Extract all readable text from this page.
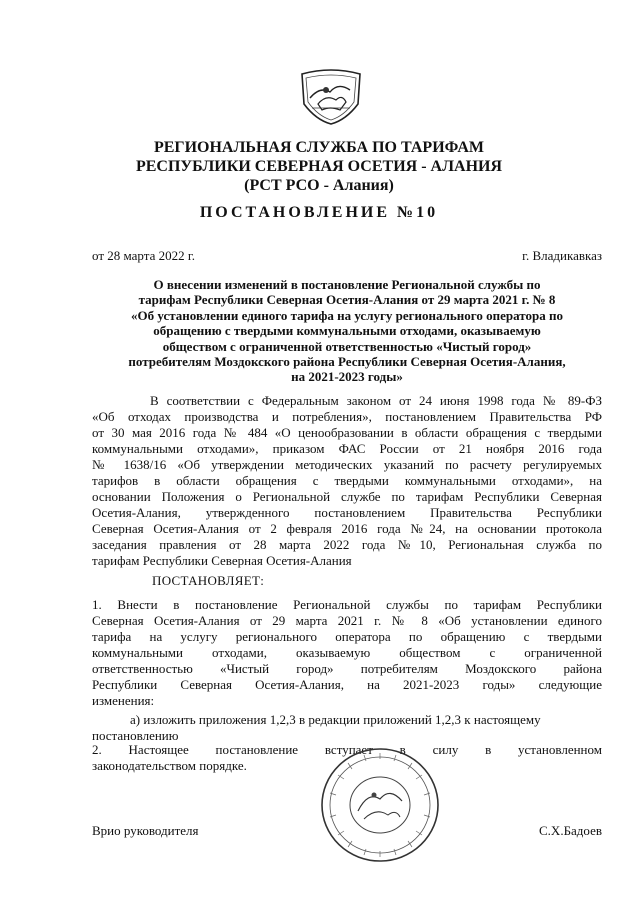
РЕГИОНАЛЬНАЯ СЛУЖБА ПО ТАРИФАМ
РЕСПУБЛИКИ СЕВЕРНАЯ ОСЕТИЯ - АЛАНИЯ
(РСТ РСО - Алания)
ПОСТАНОВЛЕНИЕ №10
от 28 марта 2022 г.	г. Владикавказ
О внесении изменений в постановление Региональной службы по
тарифам Республики Северная Осетия-Алания от 29 марта 2021 г. № 8
«Об установлении единого тарифа на услугу регионального оператора по
обращению с твердыми коммунальными отходами, оказываемую
обществом с ограниченной ответственностью «Чистый город»
потребителям Моздокского района Республики Северная Осетия-Алания,
на 2021-2023 годы»
В соответствии с Федеральным законом от 24 июня 1998 года № 89-ФЗ
«Об отходах производства и потребления», постановлением Правительства РФ
от 30 мая 2016 года № 484 «О ценообразовании в области обращения с твердыми
коммунальными отходами», приказом ФАС России от 21 ноября 2016 года
№ 1638/16 «Об утверждении методических указаний по расчету регулируемых
тарифов в области обращения с твердыми коммунальными отходами», на
основании Положения о Региональной службе по тарифам Республики Северная
Осетия-Алания, утвержденного постановлением Правительства Республики
Северная Осетия-Алания от 2 февраля 2016 года №24, на основании протокола
заседания правления от 28 марта 2022 года №10, Региональная служба по
тарифам Республики Северная Осетия-Алания
ПОСТАНОВЛЯЕТ:
1. Внести в постановление Региональной службы по тарифам Республики
Северная Осетия-Алания от 29 марта 2021 г. № 8 «Об установлении единого
тарифа на услугу регионального оператора по обращению с твердыми
коммунальными отходами, оказываемую обществом с ограниченной
ответственностью «Чистый город» потребителям Моздокского района
Республики Северная Осетия-Алания, на 2021-2023 годы» следующие
изменения:
а) изложить приложения 1,2,3 в редакции приложений 1,2,3 к настоящему
постановлению
2. Настоящее постановление вступает в силу в установленном
законодательством порядке.
Врио руководителя	С.Х.Бадоев
